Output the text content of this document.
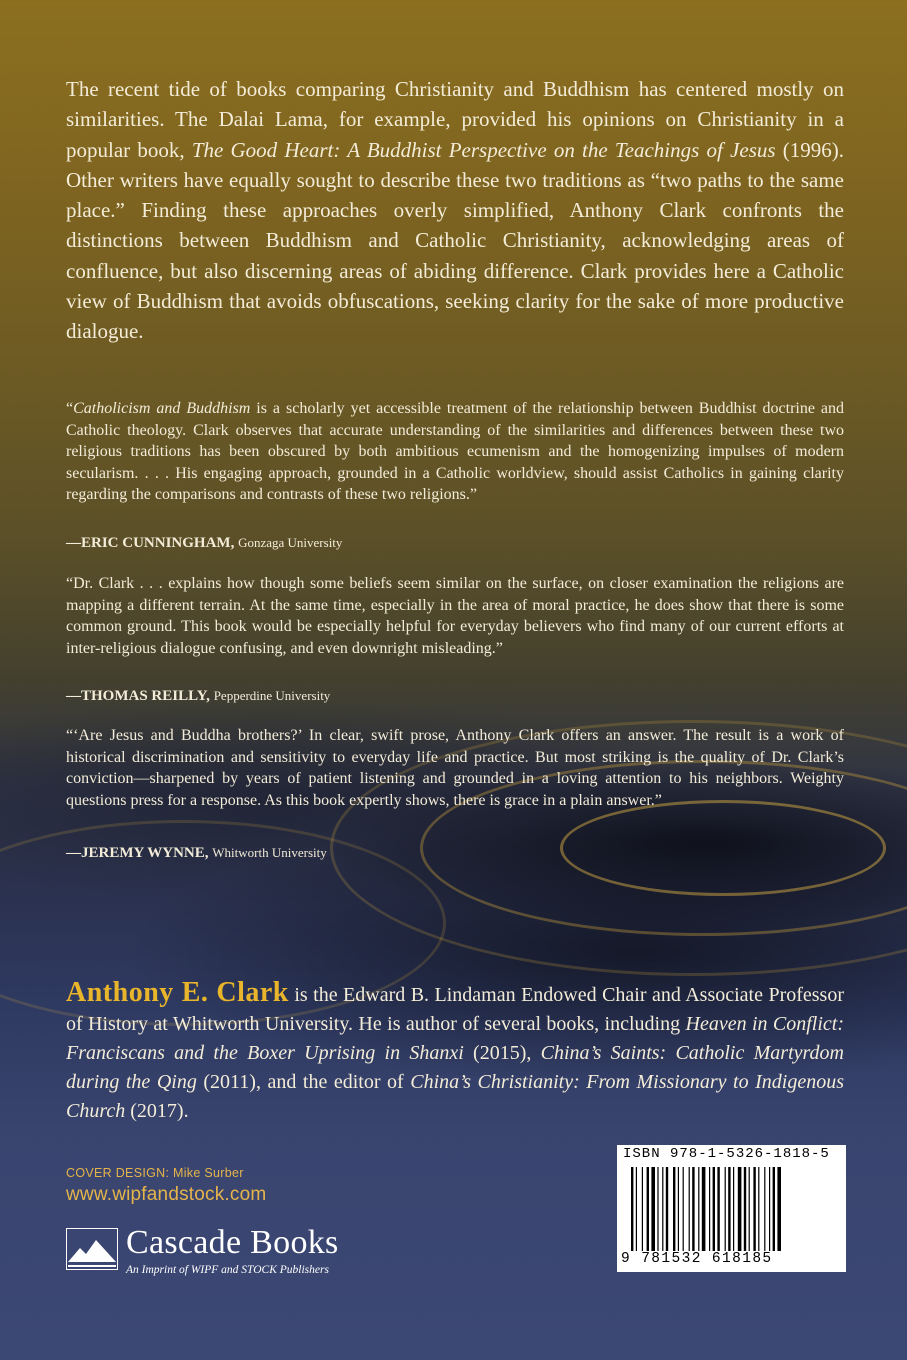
The recent tide of books comparing Christianity and Buddhism has centered mostly on similarities. The Dalai Lama, for example, provided his opinions on Christianity in a popular book, The Good Heart: A Buddhist Perspective on the Teachings of Jesus (1996). Other writers have equally sought to describe these two traditions as “two paths to the same place.” Finding these approaches overly simplified, Anthony Clark confronts the distinctions between Buddhism and Catholic Christianity, acknowledging areas of confluence, but also discerning areas of abiding difference. Clark provides here a Catholic view of Buddhism that avoids obfuscations, seeking clarity for the sake of more productive dialogue.

“Catholicism and Buddhism is a scholarly yet accessible treatment of the relationship between Buddhist doctrine and Catholic theology. Clark observes that accurate understanding of the similarities and differences between these two religious traditions has been obscured by both ambitious ecumenism and the homogenizing impulses of modern secularism. . . . His engaging approach, grounded in a Catholic worldview, should assist Catholics in gaining clarity regarding the comparisons and contrasts of these two religions.”

—ERIC CUNNINGHAM, Gonzaga University

“Dr. Clark . . . explains how though some beliefs seem similar on the surface, on closer examination the religions are mapping a different terrain. At the same time, especially in the area of moral practice, he does show that there is some common ground. This book would be especially helpful for everyday believers who find many of our current efforts at inter-religious dialogue confusing, and even downright misleading.”

—THOMAS REILLY, Pepperdine University

“‘Are Jesus and Buddha brothers?’ In clear, swift prose, Anthony Clark offers an answer. The result is a work of historical discrimination and sensitivity to everyday life and practice. But most striking is the quality of Dr. Clark’s conviction—sharpened by years of patient listening and grounded in a loving attention to his neighbors. Weighty questions press for a response. As this book expertly shows, there is grace in a plain answer.”

—JEREMY WYNNE, Whitworth University

Anthony E. Clark is the Edward B. Lindaman Endowed Chair and Associate Professor of History at Whitworth University. He is author of several books, including Heaven in Conflict: Franciscans and the Boxer Uprising in Shanxi (2015), China’s Saints: Catholic Martyrdom during the Qing (2011), and the editor of China’s Christianity: From Missionary to Indigenous Church (2017).

COVER DESIGN: Mike Surber
www.wipfandstock.com
Cascade Books
An Imprint of WIPF and STOCK Publishers
ISBN 978-1-5326-1818-5
9 781532 618185
